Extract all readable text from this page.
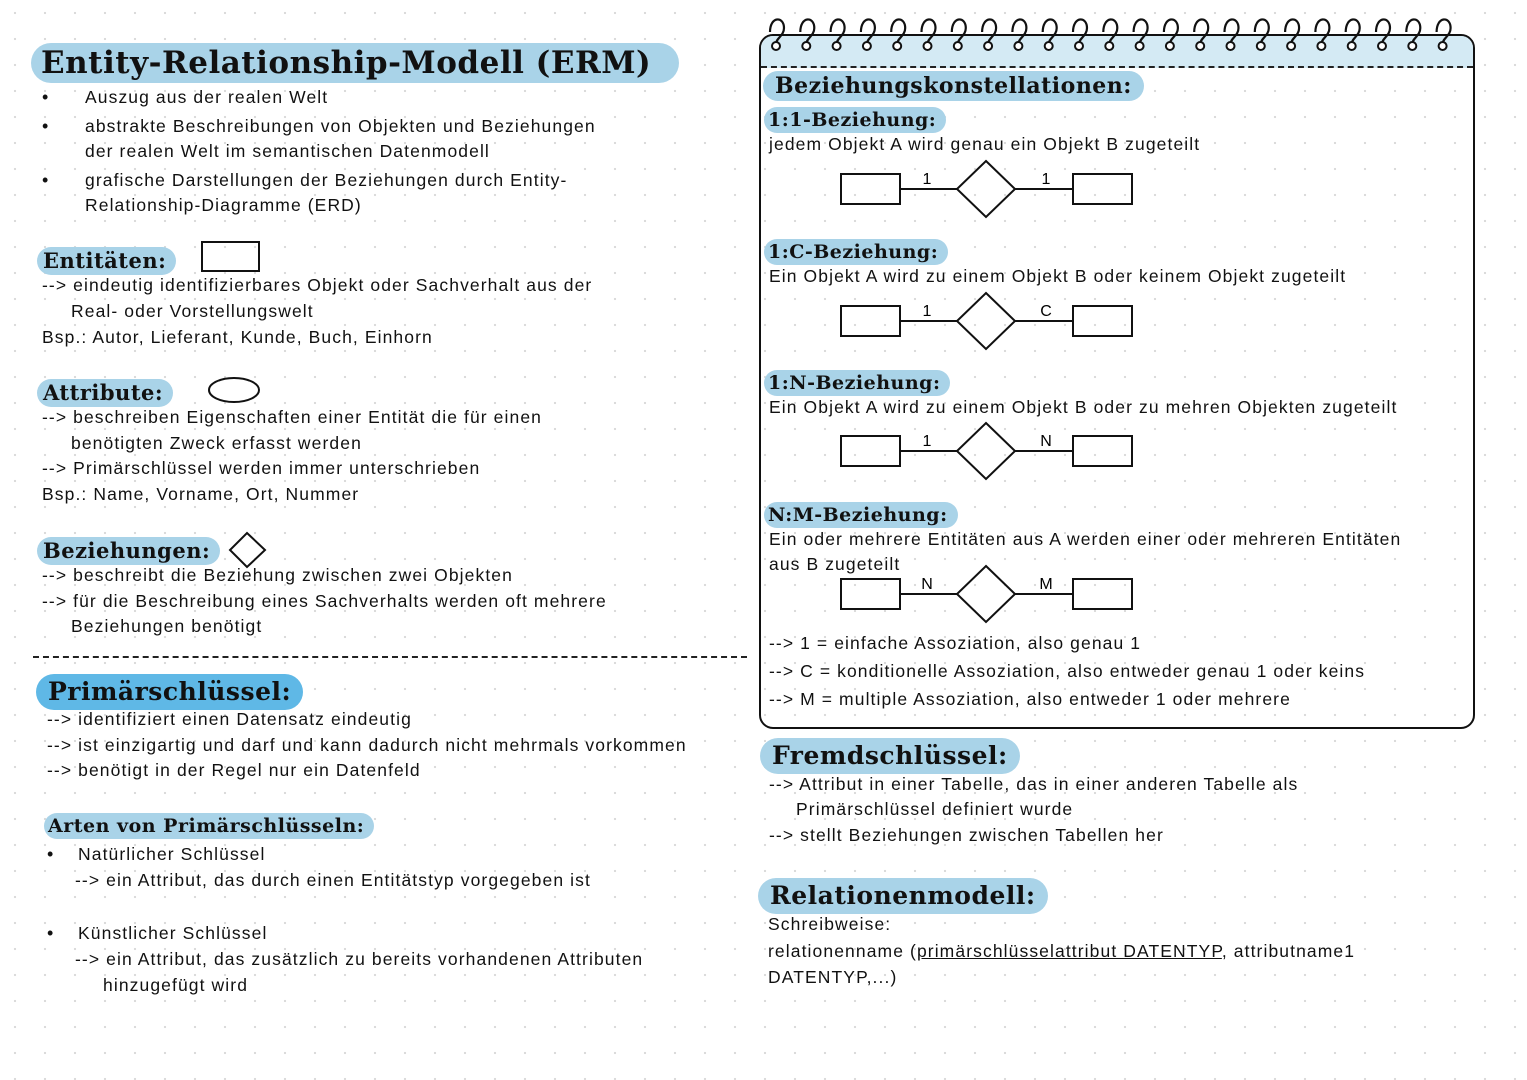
Entity-Relationship-Modell (ERM)
• Auszug aus der realen Welt
• abstrakte Beschreibungen von Objekten und Beziehungen
der realen Welt im semantischen Datenmodell
• grafische Darstellungen der Beziehungen durch Entity-
Relationship-Diagramme (ERD)
Entitäten:
--> eindeutig identifizierbares Objekt oder Sachverhalt aus der
Real- oder Vorstellungswelt
Bsp.: Autor, Lieferant, Kunde, Buch, Einhorn
Attribute:
--> beschreiben Eigenschaften einer Entität die für einen
benötigten Zweck erfasst werden
--> Primärschlüssel werden immer unterschrieben
Bsp.: Name, Vorname, Ort, Nummer
Beziehungen:
--> beschreibt die Beziehung zwischen zwei Objekten
--> für die Beschreibung eines Sachverhalts werden oft mehrere
Beziehungen benötigt
Primärschlüssel:
--> identifiziert einen Datensatz eindeutig
--> ist einzigartig und darf und kann dadurch nicht mehrmals vorkommen
--> benötigt in der Regel nur ein Datenfeld
Arten von Primärschlüsseln:
• Natürlicher Schlüssel
--> ein Attribut, das durch einen Entitätstyp vorgegeben ist
• Künstlicher Schlüssel
--> ein Attribut, das zusätzlich zu bereits vorhandenen Attributen
hinzugefügt wird
Beziehungskonstellationen:
1:1-Beziehung:
jedem Objekt A wird genau ein Objekt B zugeteilt
1:C-Beziehung:
Ein Objekt A wird zu einem Objekt B oder keinem Objekt zugeteilt
1:N-Beziehung:
Ein Objekt A wird zu einem Objekt B oder zu mehren Objekten zugeteilt
N:M-Beziehung:
Ein oder mehrere Entitäten aus A werden einer oder mehreren Entitäten
aus B zugeteilt
1	1
1	C
1	N
N	M
--> 1 = einfache Assoziation, also genau 1
--> C = konditionelle Assoziation, also entweder genau 1 oder keins
--> M = multiple Assoziation, also entweder 1 oder mehrere
Fremdschlüssel:
--> Attribut in einer Tabelle, das in einer anderen Tabelle als
Primärschlüssel definiert wurde
--> stellt Beziehungen zwischen Tabellen her
Relationenmodell:
Schreibweise:
relationenname (primärschlüsselattribut DATENTYP, attributname1
DATENTYP,...)
